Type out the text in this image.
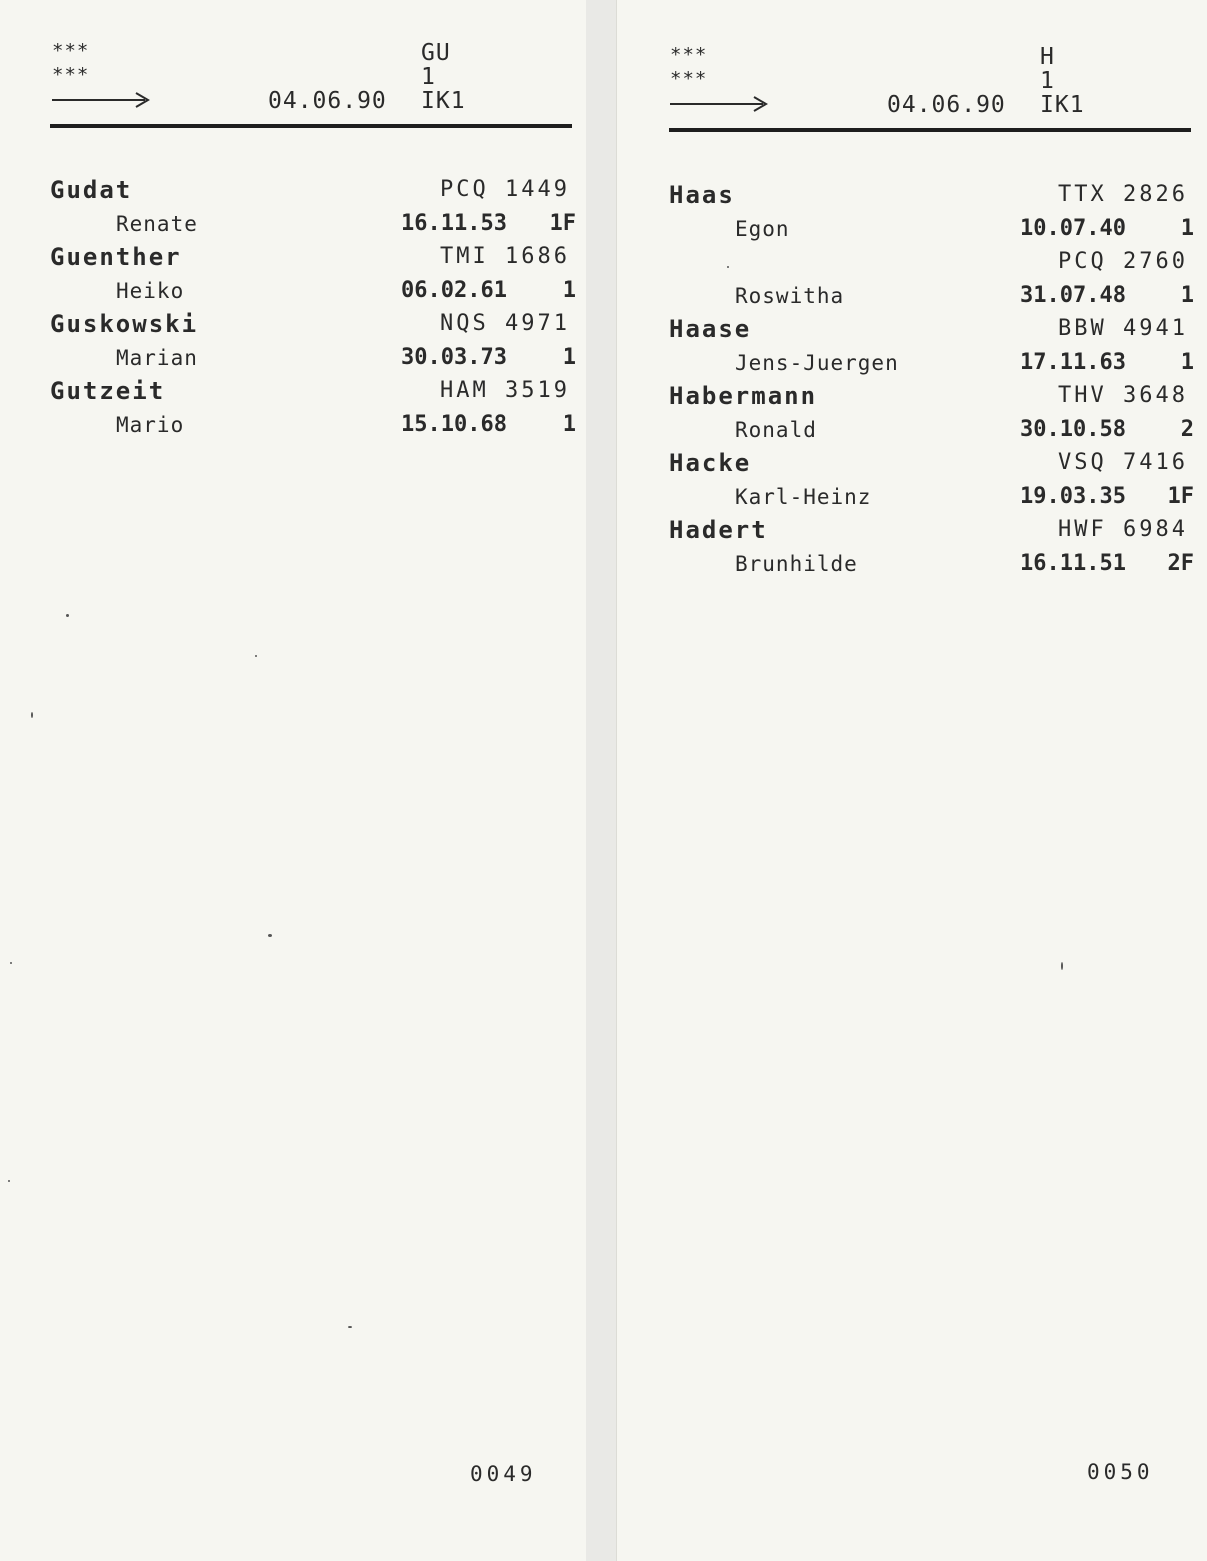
***
***
GU
1
04.06.90 IK1
Gudat	PCQ 1449
Renate	16.11.53 1F
Guenther	TMI 1686
Heiko	06.02.61	1
Guskowski	NQS 4971
Marian	30.03.73	1
Gutzeit	HAM 3519
Mario	15.10.68	1
0049
***
***
H
1
04.06.90 IK1
Haas	TTX 2826
Egon	10.07.40 1
PCQ 2760
Roswitha	31.07.48 1
Haase	BBW 4941
Jens-Juergen	17.11.63 1
Habermann	THV 3648
Ronald	30.10.58 2
Hacke	VSQ 7416
Karl-Heinz	19.03.35 1F
Hadert	HWF 6984
Brunhilde	16.11.51 2F
0050
